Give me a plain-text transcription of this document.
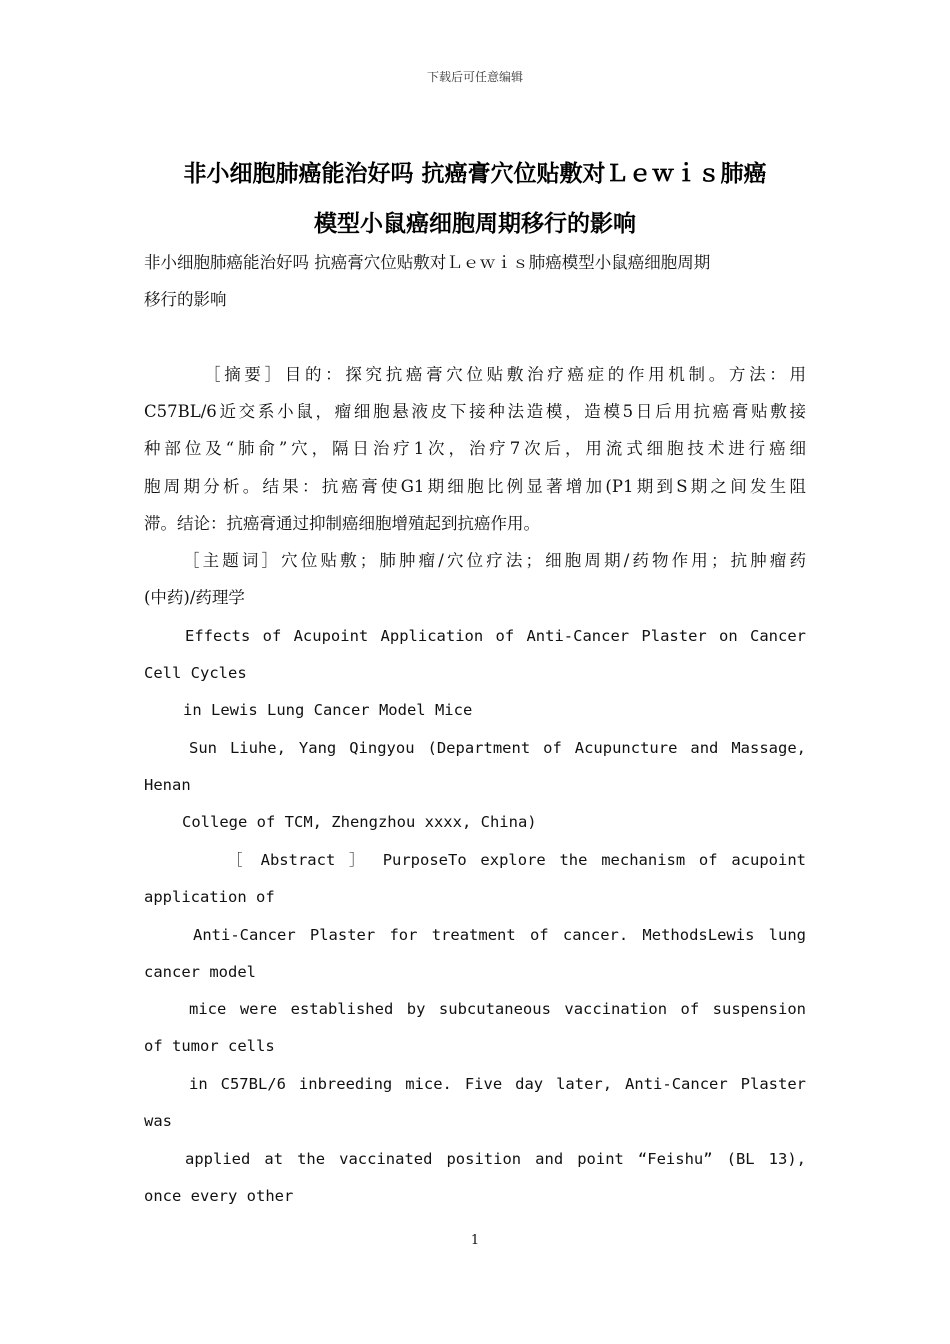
下载后可任意编辑
非小细胞肺癌能治好吗 抗癌膏穴位贴敷对Ｌｅｗｉｓ肺癌
模型小鼠癌细胞周期移行的影响
非小细胞肺癌能治好吗 抗癌膏穴位贴敷对Ｌｅｗｉｓ肺癌模型小鼠癌细胞周期
移行的影响
［摘要］目的：探究抗癌膏穴位贴敷治疗癌症的作用机制。方法：用
C57BL/6近交系小鼠，瘤细胞悬液皮下接种法造模，造模5日后用抗癌膏贴敷接
种部位及“肺俞”穴，隔日治疗1次，治疗7次后，用流式细胞技术进行癌细
胞周期分析。结果：抗癌膏使G1期细胞比例显著增加(P1期到S期之间发生阻
滞。结论：抗癌膏通过抑制癌细胞增殖起到抗癌作用。
［主题词］穴位贴敷；肺肿瘤/穴位疗法；细胞周期/药物作用；抗肿瘤药
(中药)/药理学
Effects of Acupoint Application of Anti-Cancer Plaster on Cancer
Cell Cycles
in Lewis Lung Cancer Model Mice
Sun Liuhe, Yang Qingyou (Department of Acupuncture and Massage,
Henan
College of TCM, Zhengzhou xxxx, China)
［ Abstract ］ PurposeTo explore the mechanism of acupoint
application of
Anti-Cancer Plaster for treatment of cancer. MethodsLewis lung
cancer model
mice were established by subcutaneous vaccination of suspension
of tumor cells
in C57BL/6 inbreeding mice. Five day later, Anti-Cancer Plaster
was
applied at the vaccinated position and point “Feishu” (BL 13),
once every other
1
